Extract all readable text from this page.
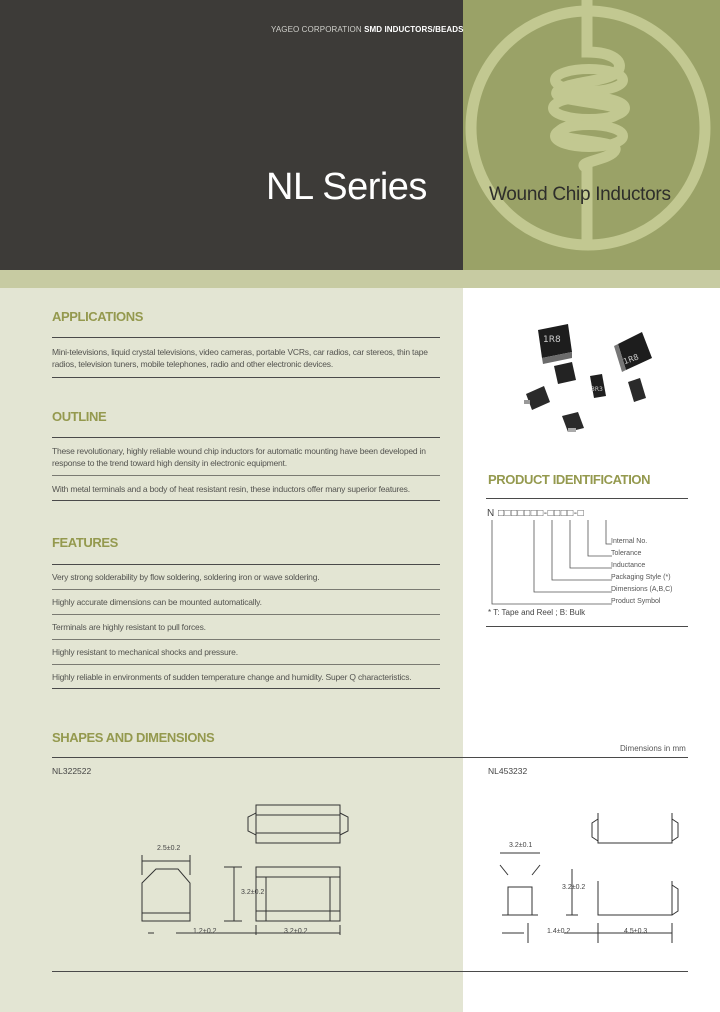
YAGEO CORPORATION SMD INDUCTORS/BEADS
NL Series	Wound Chip Inductors
APPLICATIONS
Mini-televisions, liquid crystal televisions, video cameras, portable VCRs, car radios, car stereos, thin tape radios, television tuners, mobile telephones, radio and other electronic devices.
OUTLINE
These revolutionary, highly reliable wound chip inductors for automatic mounting have been developed in response to the trend toward high density in electronic equipment.
With metal terminals and a body of heat resistant resin, these inductors offer many superior features.
FEATURES
Very strong solderability by flow soldering, soldering iron or wave soldering.
Highly accurate dimensions can be mounted automatically.
Terminals are highly resistant to pull forces.
Highly resistant to mechanical shocks and pressure.
Highly reliable in environments of sudden temperature change and humidity. Super Q characteristics.
1R8
1R8
3R3
PRODUCT IDENTIFICATION
N □□□□□□□-□□□□-□
Internal No.
Tolerance
Inductance
Packaging Style (*)
Dimensions (A,B,C)
Product Symbol
* T: Tape and Reel ; B: Bulk
SHAPES AND DIMENSIONS
Dimensions in mm
NL322522	NL453232
2.5±0.2
3.2±0.2
1.2+0.2	3.2+0.2
3.2±0.1
3.2±0.2
1.4±0.2	4.5±0.3
